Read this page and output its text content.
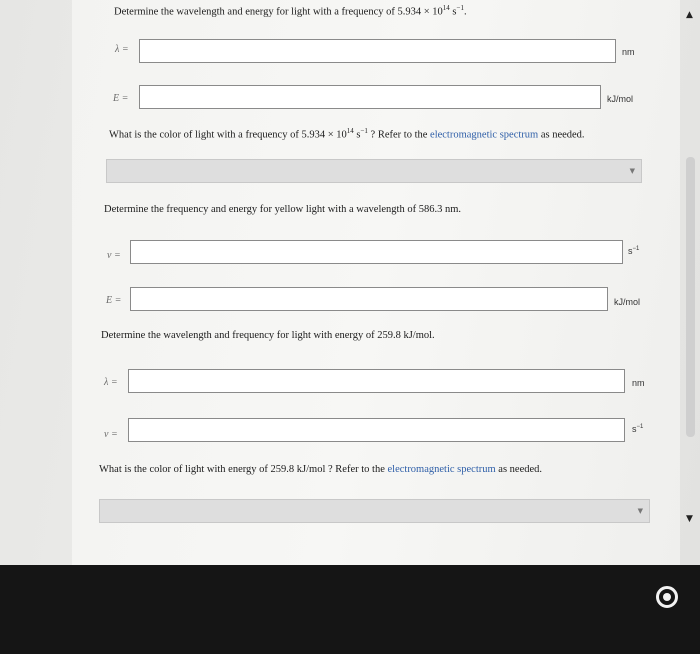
Determine the wavelength and energy for light with a frequency of $5.934 \times 10^{14}$ $s^{-1}$.
λ =	nm
E =	kJ/mol
What is the color of light with a frequency of $5.934 \times 10^{14}$ $s^{-1}$ ? Refer to the electromagnetic spectrum as needed.
▼
Determine the frequency and energy for yellow light with a wavelength of 586.3 nm.
ν =	$s^{-1}$
E =	kJ/mol
Determine the wavelength and frequency for light with energy of 259.8 kJ/mol.
λ =	nm
ν =	$s^{-1}$
What is the color of light with energy of 259.8 kJ/mol ? Refer to the electromagnetic spectrum as needed.
▼
▲
▼
